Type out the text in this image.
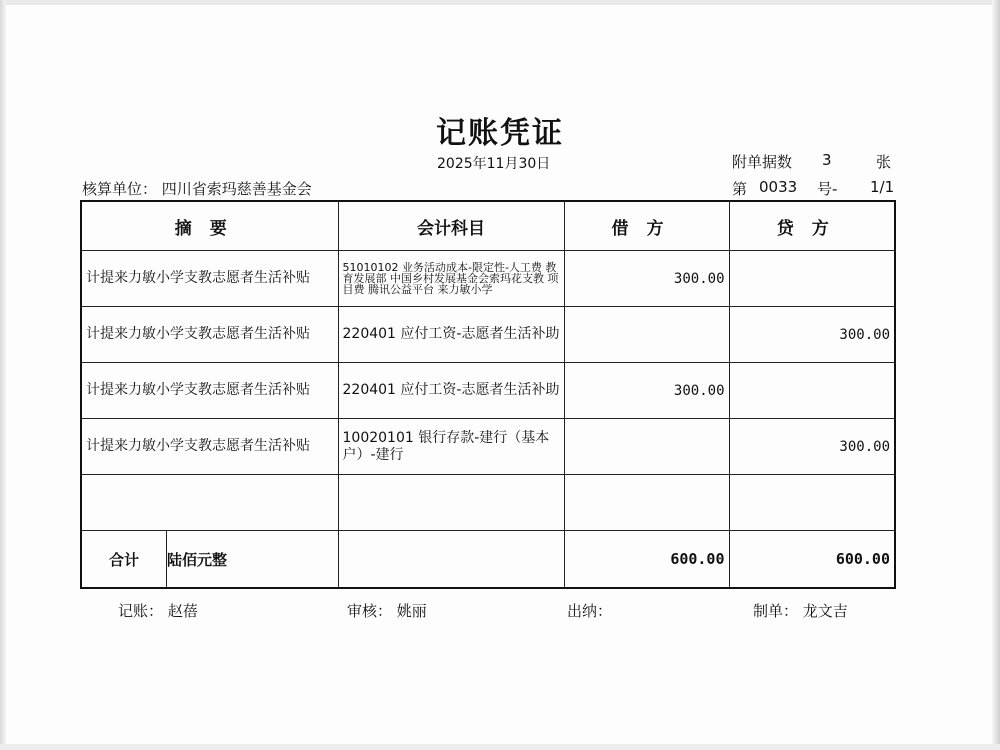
记账凭证
2025年11月30日	附单据数 3	张
核算单位： 四川省索玛慈善基金会	第 0033 号- 1/1
摘要	会计科目	借方	贷方
计提来力敏小学支教志愿者生活补贴	51010102 业务活动成本-限定性-人工费 教育发展部 中国乡村发展基金会索玛花支教 项目费 腾讯公益平台 来力敏小学	300.00	
计提来力敏小学支教志愿者生活补贴	220401 应付工资-志愿者生活补助		300.00
计提来力敏小学支教志愿者生活补贴	220401 应付工资-志愿者生活补助	300.00	
计提来力敏小学支教志愿者生活补贴	10020101 银行存款-建行（基本户）-建行		300.00

合计 陆佰元整		600.00	600.00
记账： 赵蓓	审核： 姚丽	出纳：	制单： 龙文吉
